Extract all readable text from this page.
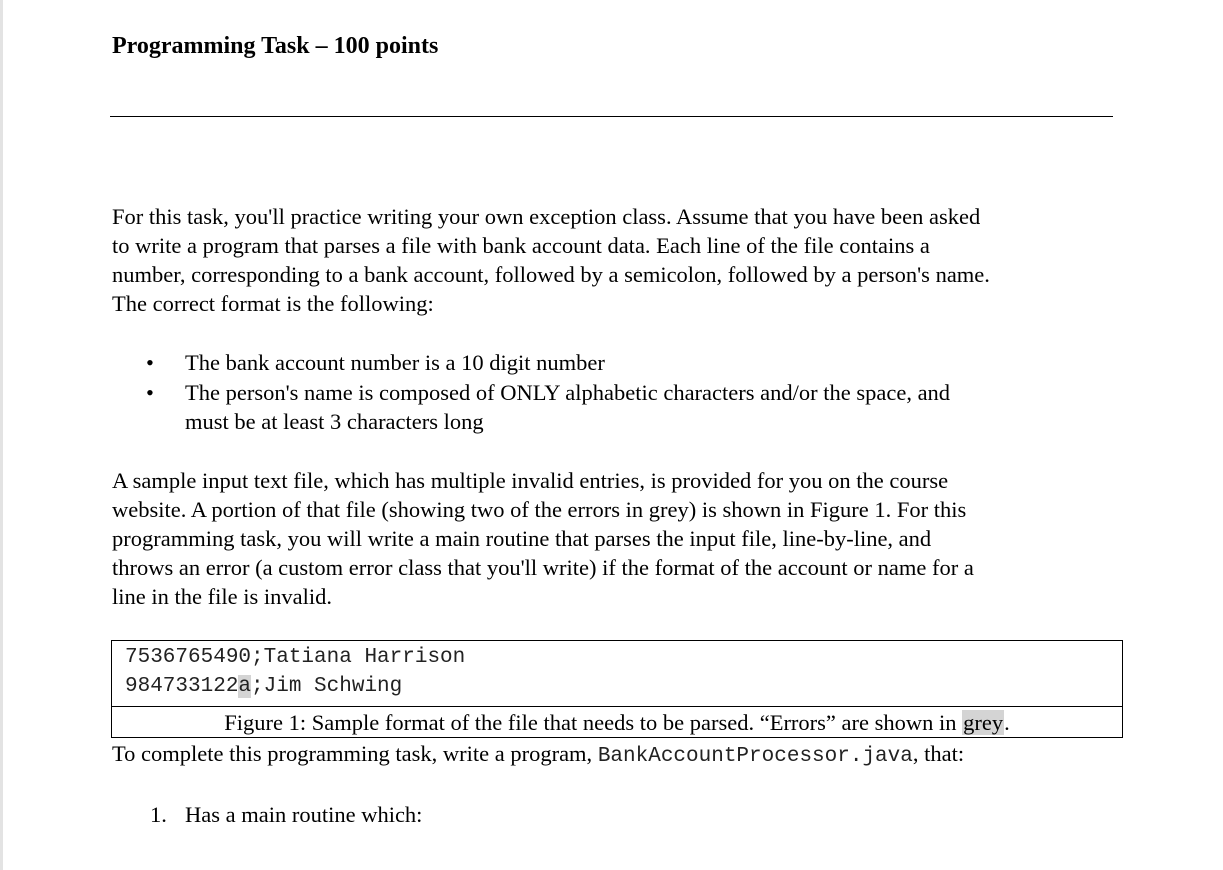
Programming Task – 100 points
For this task, you'll practice writing your own exception class. Assume that you have been asked
to write a program that parses a file with bank account data. Each line of the file contains a
number, corresponding to a bank account, followed by a semicolon, followed by a person's name.
The correct format is the following:
• The bank account number is a 10 digit number
• The person's name is composed of ONLY alphabetic characters and/or the space, and
must be at least 3 characters long
A sample input text file, which has multiple invalid entries, is provided for you on the course
website. A portion of that file (showing two of the errors in grey) is shown in Figure 1. For this
programming task, you will write a main routine that parses the input file, line-by-line, and
throws an error (a custom error class that you'll write) if the format of the account or name for a
line in the file is invalid.
7536765490;Tatiana Harrison
984733122a;Jim Schwing
Figure 1: Sample format of the file that needs to be parsed. “Errors” are shown in grey.
To complete this programming task, write a program, BankAccountProcessor.java, that:
1. Has a main routine which:
